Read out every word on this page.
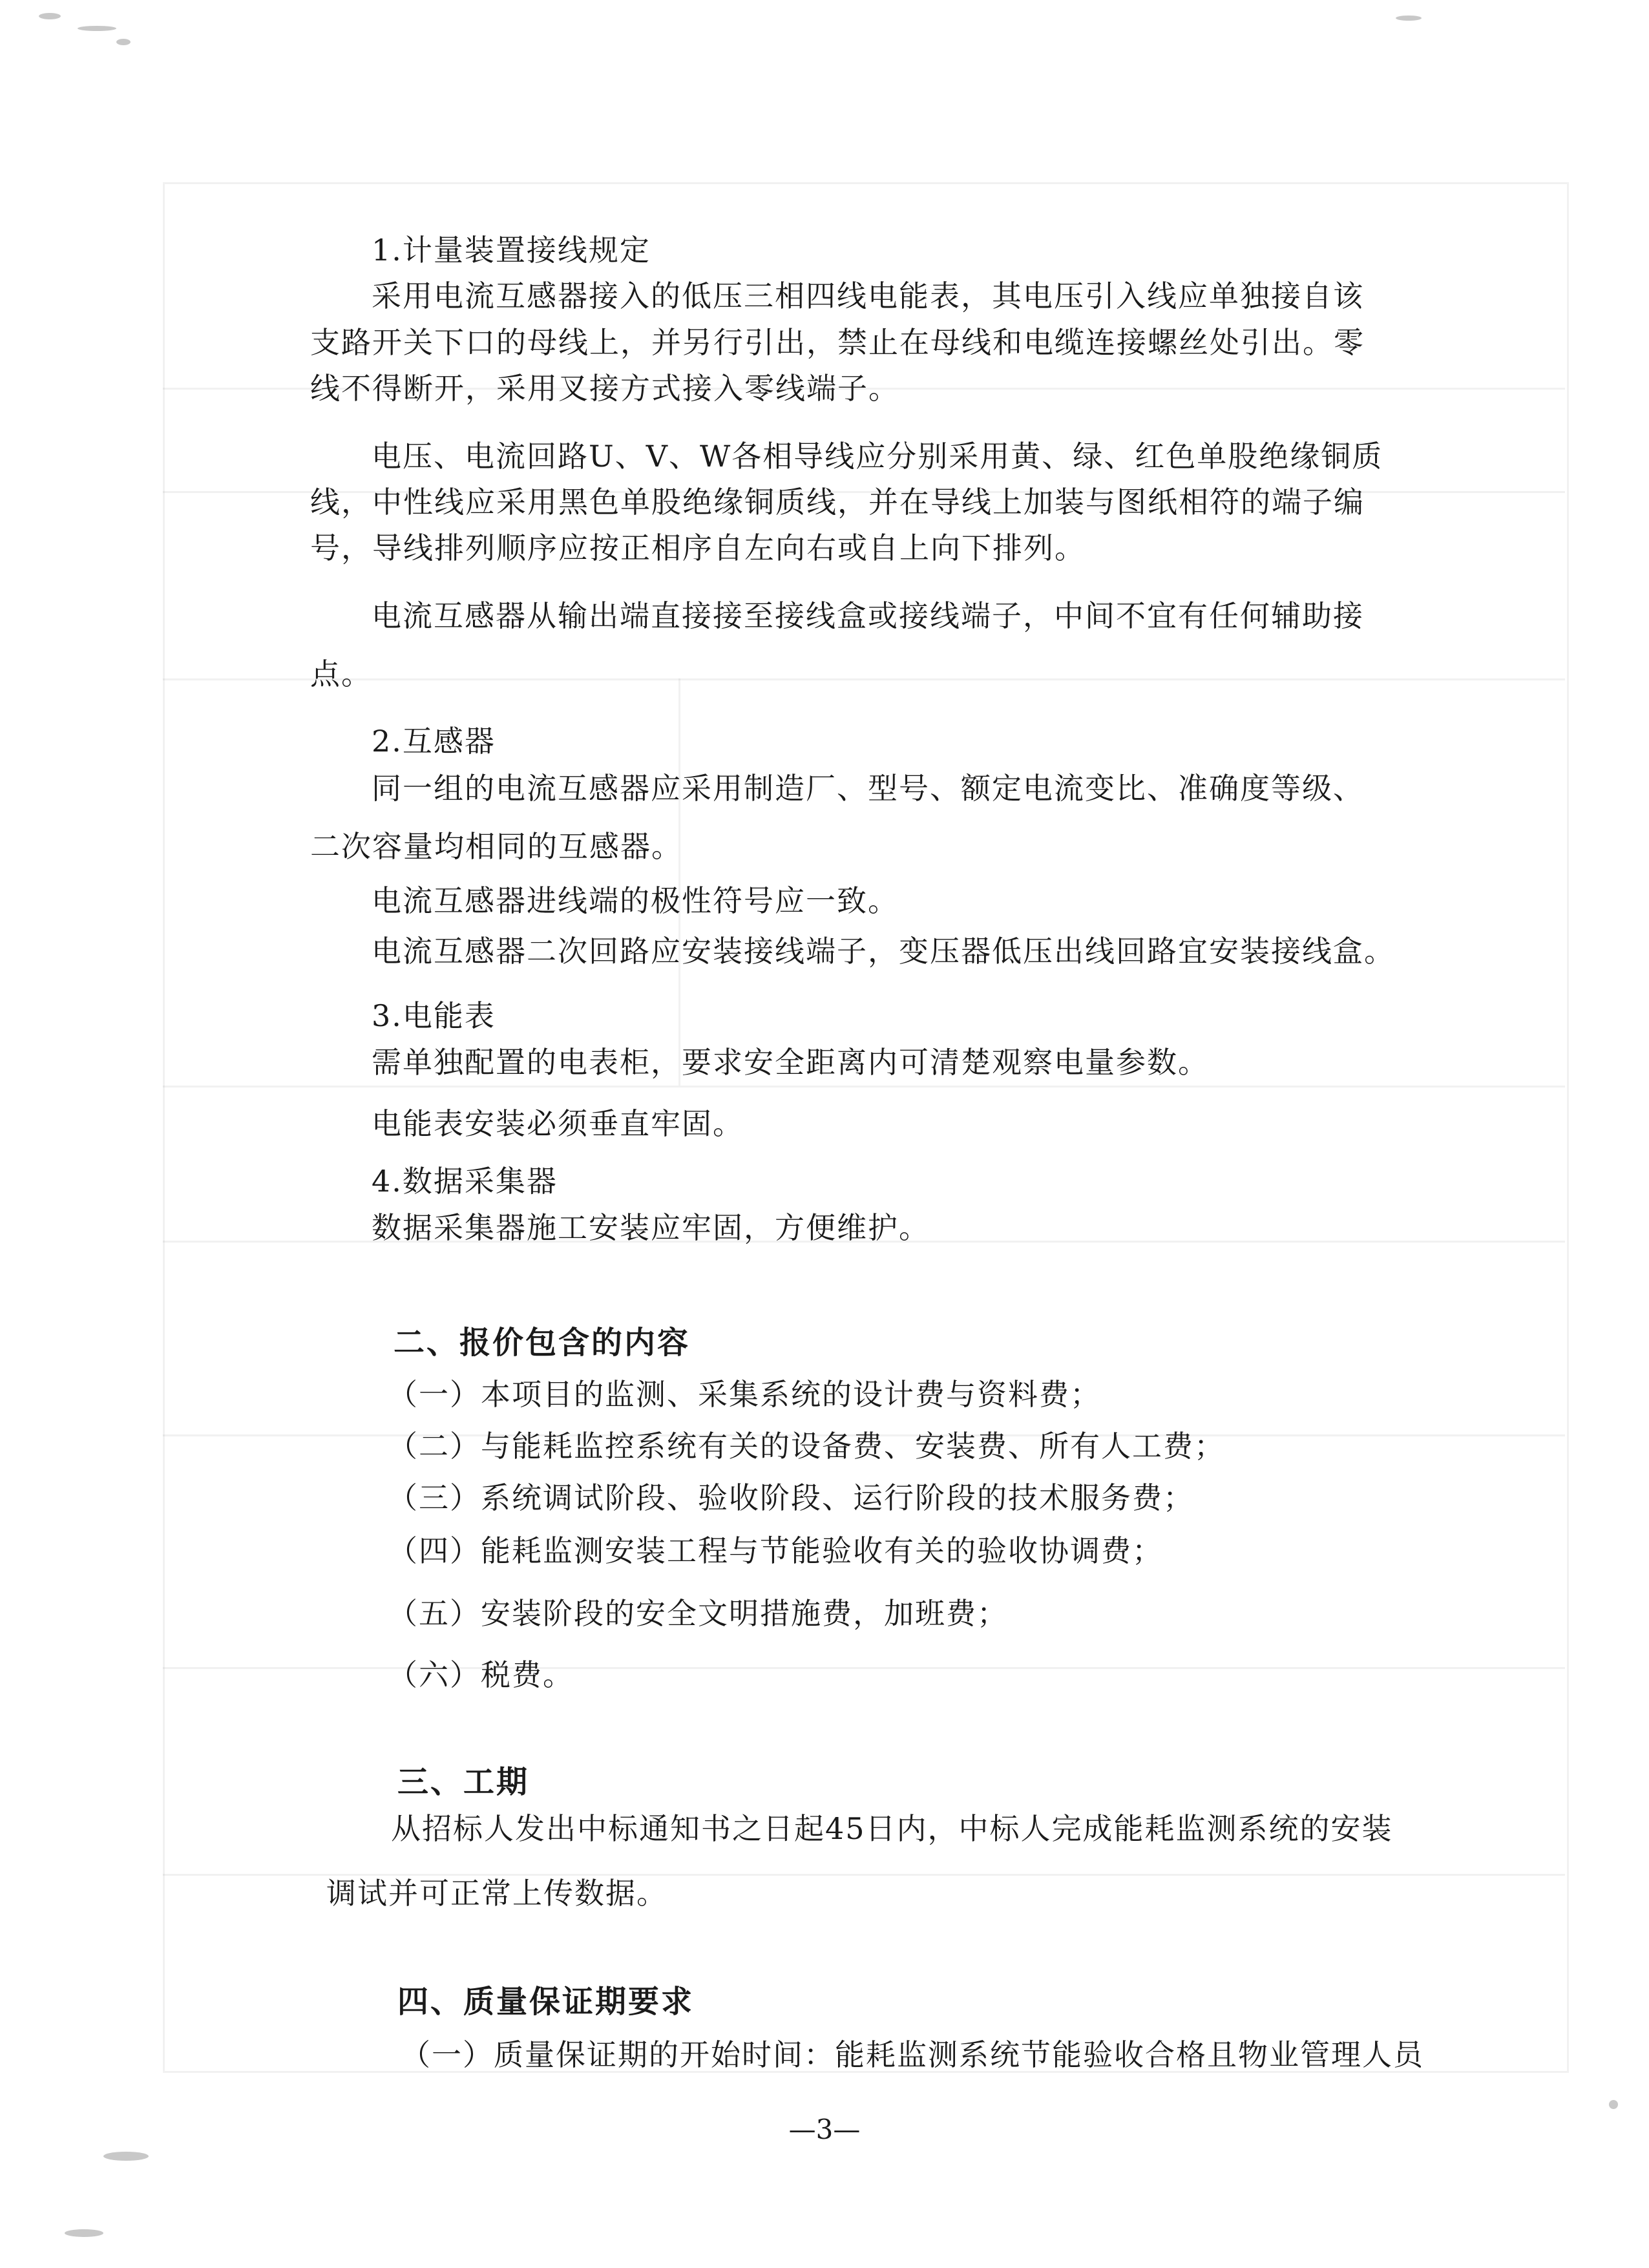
1.计量装置接线规定
采用电流互感器接入的低压三相四线电能表，其电压引入线应单独接自该
支路开关下口的母线上，并另行引出，禁止在母线和电缆连接螺丝处引出。零
线不得断开，采用叉接方式接入零线端子。
电压、电流回路U、V、W各相导线应分别采用黄、绿、红色单股绝缘铜质
线，中性线应采用黑色单股绝缘铜质线，并在导线上加装与图纸相符的端子编
号，导线排列顺序应按正相序自左向右或自上向下排列。
电流互感器从输出端直接接至接线盒或接线端子，中间不宜有任何辅助接
点。
2.互感器
同一组的电流互感器应采用制造厂、型号、额定电流变比、准确度等级、
二次容量均相同的互感器。
电流互感器进线端的极性符号应一致。
电流互感器二次回路应安装接线端子，变压器低压出线回路宜安装接线盒。
3.电能表
需单独配置的电表柜，要求安全距离内可清楚观察电量参数。
电能表安装必须垂直牢固。
4.数据采集器
数据采集器施工安装应牢固，方便维护。
二、报价包含的内容
（一）本项目的监测、采集系统的设计费与资料费；
（二）与能耗监控系统有关的设备费、安装费、所有人工费；
（三）系统调试阶段、验收阶段、运行阶段的技术服务费；
（四）能耗监测安装工程与节能验收有关的验收协调费；
（五）安装阶段的安全文明措施费，加班费；
（六）税费。
三、工期
从招标人发出中标通知书之日起45日内，中标人完成能耗监测系统的安装
调试并可正常上传数据。
四、质量保证期要求
（一）质量保证期的开始时间：能耗监测系统节能验收合格且物业管理人员
—3—
